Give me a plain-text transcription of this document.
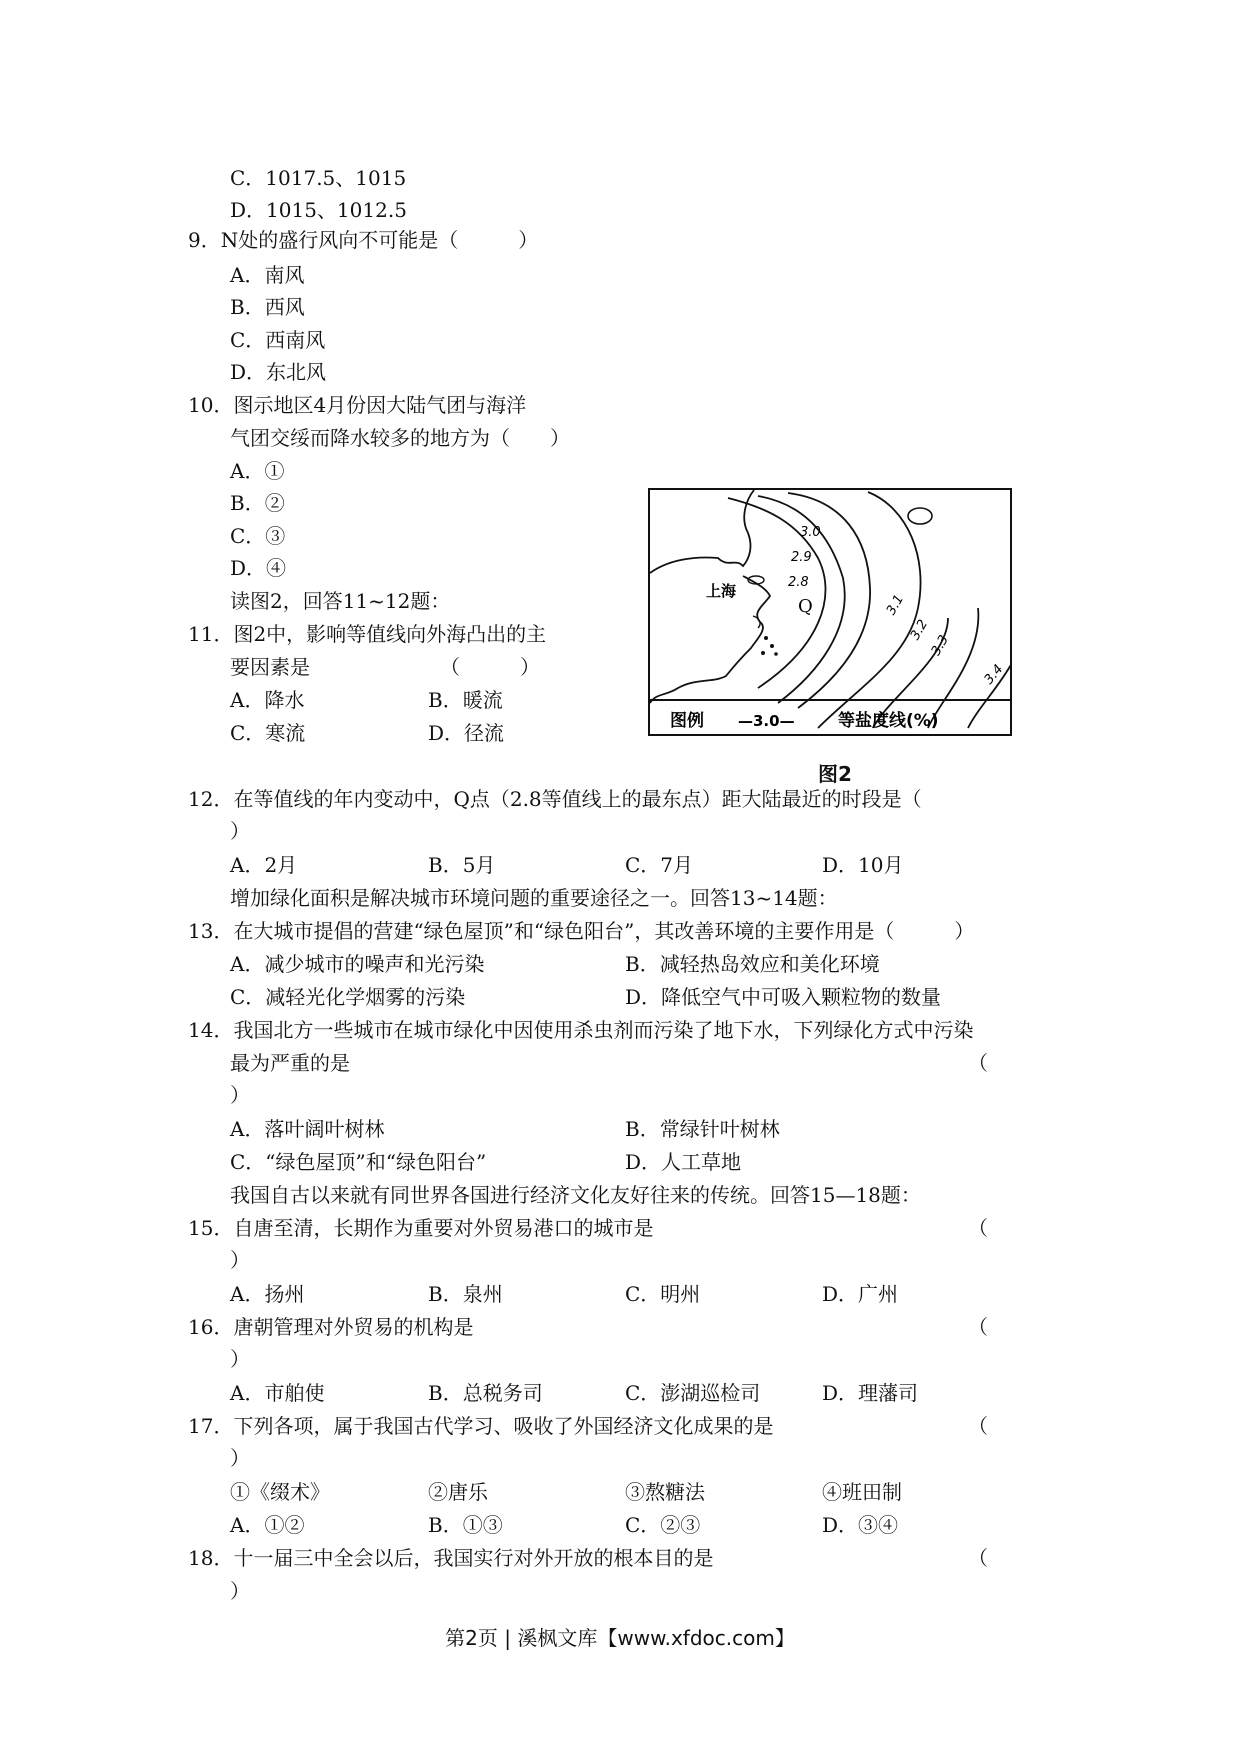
C．1017.5、1015
D．1015、1012.5
9．N处的盛行风向不可能是（　　　）
A．南风
B．西风
C．西南风
D．东北风
10．图示地区4月份因大陆气团与海洋
气团交绥而降水较多的地方为（　　）
A．①
B．②
C．③
D．④
读图2，回答11~12题：
11．图2中，影响等值线向外海凸出的主
要因素是　　　　　　　（　　　）
A．降水	B．暖流
C．寒流	D．径流
12．在等值线的年内变动中，Q点（2.8等值线上的最东点）距大陆最近的时段是（
）
A．2月	B．5月	C．7月	D．10月
增加绿化面积是解决城市环境问题的重要途径之一。回答13~14题：
13．在大城市提倡的营建“绿色屋顶”和“绿色阳台”，其改善环境的主要作用是（　　　）
A．减少城市的噪声和光污染	B．减轻热岛效应和美化环境
C．减轻光化学烟雾的污染	D．降低空气中可吸入颗粒物的数量
14．我国北方一些城市在城市绿化中因使用杀虫剂而污染了地下水，下列绿化方式中污染
最为严重的是	（
）
A．落叶阔叶树林	B．常绿针叶树林
C．“绿色屋顶”和“绿色阳台”	D．人工草地
我国自古以来就有同世界各国进行经济文化友好往来的传统。回答15—18题：
15．自唐至清，长期作为重要对外贸易港口的城市是	（
）
A．扬州	B．泉州	C．明州	D．广州
16．唐朝管理对外贸易的机构是	（
）
A．市舶使	B．总税务司	C．澎湖巡检司	D．理藩司
17．下列各项，属于我国古代学习、吸收了外国经济文化成果的是	（
）
①《缀术》	②唐乐	③熬糖法	④班田制
A．①②	B．①③	C．②③	D．③④
18．十一届三中全会以后，我国实行对外开放的根本目的是	（
）
上海
Q
3.0
2.9
2.8
3.1
3.2
3.3
3.4
图例 —3.0—	等盐度线(%)
图2
第2页 | 溪枫文库【www.xfdoc.com】
